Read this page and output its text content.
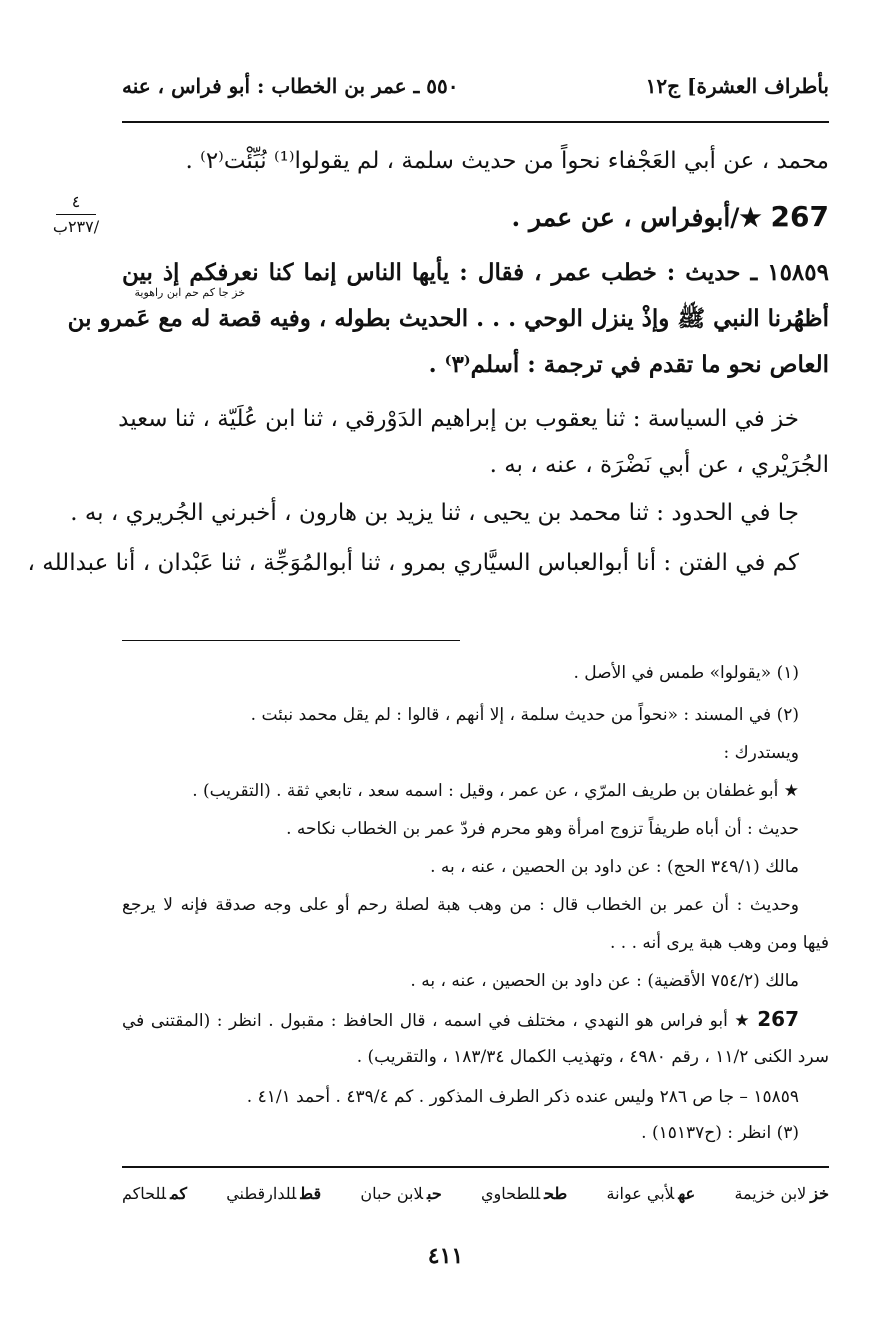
بأطراف العشرة] ج١٢
٥٥٠ ـ عمر بن الخطاب : أبو فراس ، عنه
٤
/٢٣٧ب
محمد ، عن أبي العَجْفاء نحواً من حديث سلمة ، لم يقولوا⁽¹⁾ نُبِّئْت⁽٢⁾ .
267 ★/أبوفراس ، عن عمر .
١٥٨٥٩ ـ حديث : خطب عمر ، فقال : يأيها الناس إنما كنا نعرفكم إذ بين
خز جا كم حم ابن راهوية
أظهُرنا النبي ﷺ وإذْ ينزل الوحي . . . الحديث بطوله ، وفيه قصة له مع عَمرو بن
العاص نحو ما تقدم في ترجمة : أسلم⁽٣⁾ .
خز في السياسة : ثنا يعقوب بن إبراهيم الدَوْرقي ، ثنا ابن عُلَيّة ، ثنا سعيد
الجُرَيْري ، عن أبي نَضْرَة ، عنه ، به .
جا في الحدود : ثنا محمد بن يحيى ، ثنا يزيد بن هارون ، أخبرني الجُريري ، به .
كم في الفتن : أنا أبوالعباس السيَّاري بمرو ، ثنا أبوالمُوَجِّة ، ثنا عَبْدان ، أنا عبدالله ،
(١) «يقولوا» طمس في الأصل .
(٢) في المسند : «نحواً من حديث سلمة ، إلا أنهم ، قالوا : لم يقل محمد نبئت .
ويستدرك :
★ أبو غطفان بن طريف المرّي ، عن عمر ، وقيل : اسمه سعد ، تابعي ثقة . (التقريب) .
حديث : أن أباه طريفاً تزوج امرأة وهو محرم فردّ عمر بن الخطاب نكاحه .
مالك (٣٤٩/١ الحج) : عن داود بن الحصين ، عنه ، به .
وحديث : أن عمر بن الخطاب قال : من وهب هبة لصلة رحم أو على وجه صدقة فإنه لا يرجع
فيها ومن وهب هبة يرى أنه . . .
مالك (٧٥٤/٢ الأقضية) : عن داود بن الحصين ، عنه ، به .
267 ★ أبو فراس هو النهدي ، مختلف في اسمه ، قال الحافظ : مقبول . انظر : (المقتنى في
سرد الكنى ١١/٢ ، رقم ٤٩٨٠ ، وتهذيب الكمال ١٨٣/٣٤ ، والتقريب) .
١٥٨٥٩ – جا ص ٢٨٦ وليس عنده ذكر الطرف المذكور . كم ٤٣٩/٤ . أحمد ٤١/١ .
(٣) انظر : (ح١٥١٣٧) .
خزلابن خزيمة
عهلأبي عوانة
طحللطحاوي
حبلابن حبان
قطللدارقطني
كمللحاكم
٤١١
